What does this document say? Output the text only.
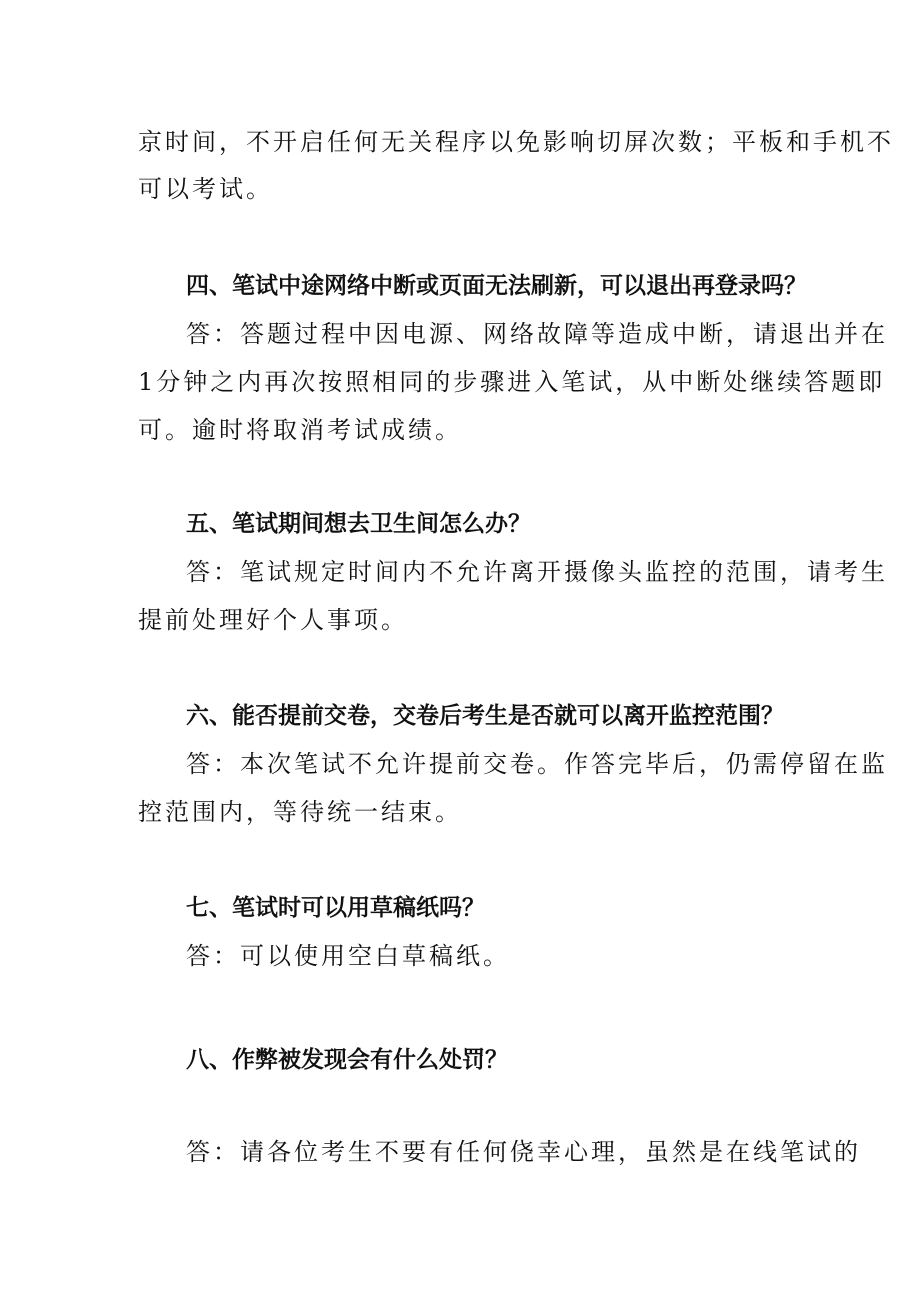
京时间，不开启任何无关程序以免影响切屏次数；平板和手机不
可以考试。
四、笔试中途网络中断或页面无法刷新，可以退出再登录吗？
答：答题过程中因电源、网络故障等造成中断，请退出并在
1分钟之内再次按照相同的步骤进入笔试，从中断处继续答题即
可。逾时将取消考试成绩。
五、笔试期间想去卫生间怎么办？
答：笔试规定时间内不允许离开摄像头监控的范围，请考生
提前处理好个人事项。
六、能否提前交卷，交卷后考生是否就可以离开监控范围？
答：本次笔试不允许提前交卷。作答完毕后，仍需停留在监
控范围内，等待统一结束。
七、笔试时可以用草稿纸吗？
答：可以使用空白草稿纸。
八、作弊被发现会有什么处罚？
答：请各位考生不要有任何侥幸心理，虽然是在线笔试的
